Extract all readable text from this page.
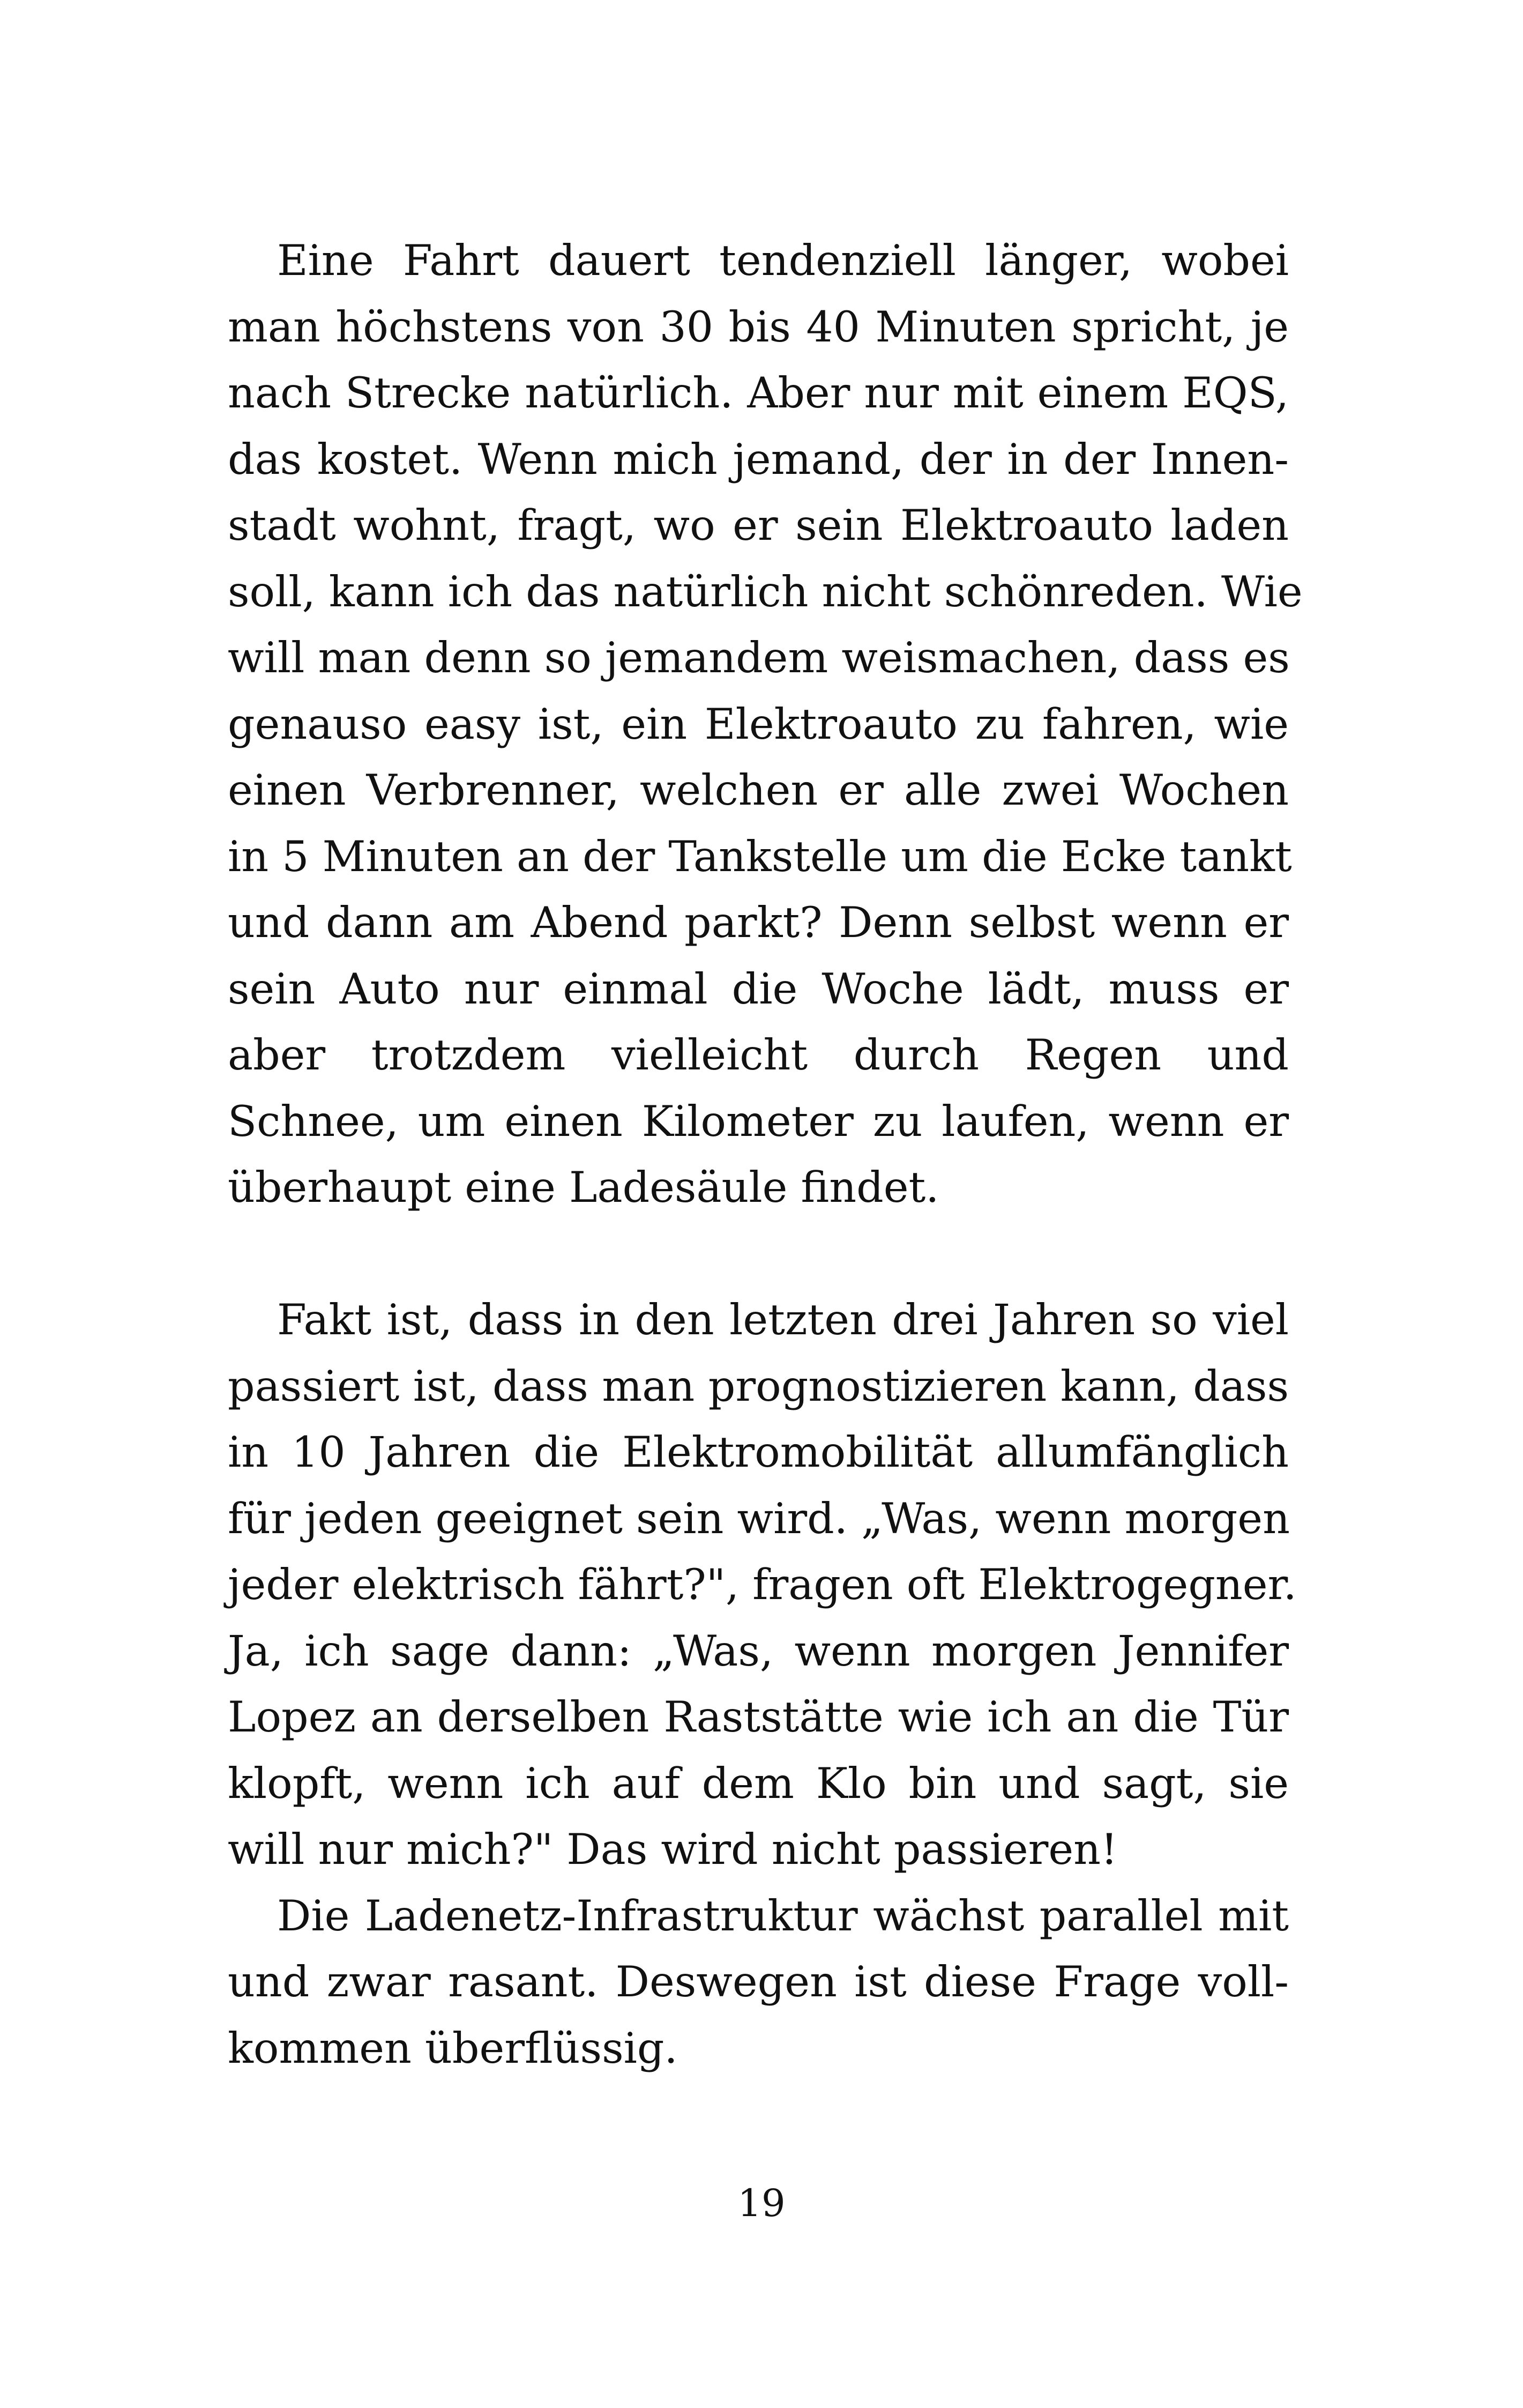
Eine Fahrt dauert tendenziell länger, wobei
man höchstens von 30 bis 40 Minuten spricht, je
nach Strecke natürlich. Aber nur mit einem EQS,
das kostet. Wenn mich jemand, der in der Innen-
stadt wohnt, fragt, wo er sein Elektroauto laden
soll, kann ich das natürlich nicht schönreden. Wie
will man denn so jemandem weismachen, dass es
genauso easy ist, ein Elektroauto zu fahren, wie
einen Verbrenner, welchen er alle zwei Wochen
in 5 Minuten an der Tankstelle um die Ecke tankt
und dann am Abend parkt? Denn selbst wenn er
sein Auto nur einmal die Woche lädt, muss er
aber trotzdem vielleicht durch Regen und
Schnee, um einen Kilometer zu laufen, wenn er
überhaupt eine Ladesäule findet.
Fakt ist, dass in den letzten drei Jahren so viel
passiert ist, dass man prognostizieren kann, dass
in 10 Jahren die Elektromobilität allumfänglich
für jeden geeignet sein wird. „Was, wenn morgen
jeder elektrisch fährt?", fragen oft Elektrogegner.
Ja, ich sage dann: „Was, wenn morgen Jennifer
Lopez an derselben Raststätte wie ich an die Tür
klopft, wenn ich auf dem Klo bin und sagt, sie
will nur mich?" Das wird nicht passieren!
Die Ladenetz-Infrastruktur wächst parallel mit
und zwar rasant. Deswegen ist diese Frage voll-
kommen überflüssig.
19
